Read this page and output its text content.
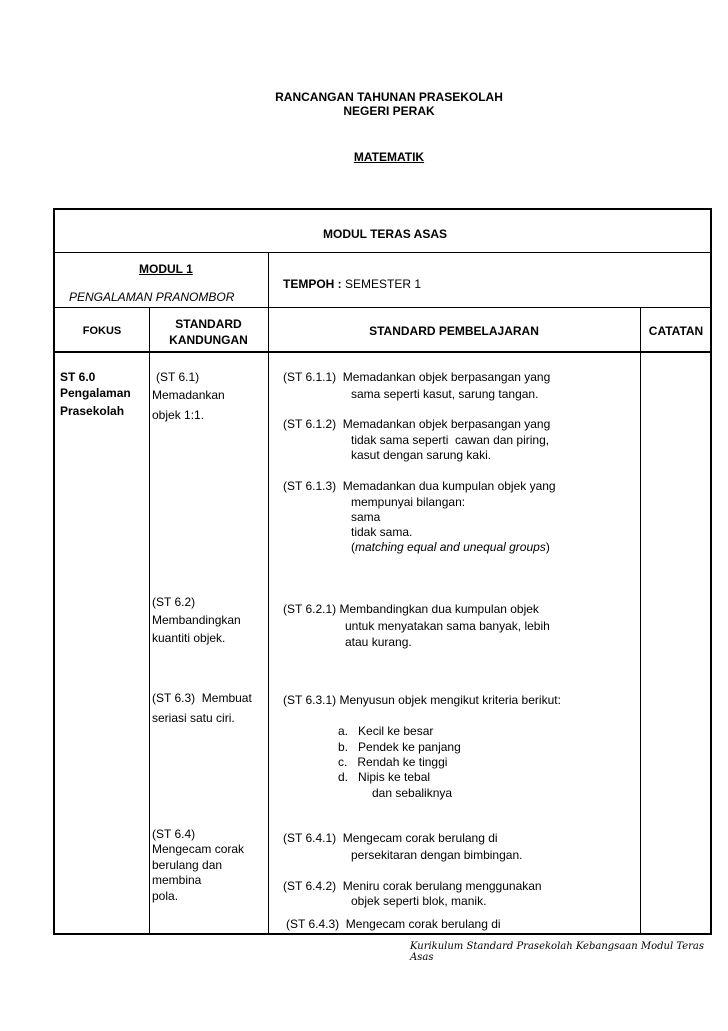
RANCANGAN TAHUNAN PRASEKOLAH
NEGERI PERAK
MATEMATIK
MODUL TERAS ASAS
MODUL 1
PENGALAMAN PRANOMBOR
TEMPOH : SEMESTER 1
FOKUS	STANDARD
KANDUNGAN
STANDARD PEMBELAJARAN	CATATAN
ST 6.0
Pengalaman
Prasekolah
(ST 6.1)
Memadankan
objek 1:1.
(ST 6.1.1)  Memadankan objek berpasangan yang
sama seperti kasut, sarung tangan.
(ST 6.1.2)  Memadankan objek berpasangan yang
tidak sama seperti  cawan dan piring,
kasut dengan sarung kaki.
(ST 6.1.3)  Memadankan dua kumpulan objek yang
mempunyai bilangan:
sama
tidak sama.
(matching equal and unequal groups)
(ST 6.2)
Membandingkan
kuantiti objek.
(ST 6.2.1) Membandingkan dua kumpulan objek
untuk menyatakan sama banyak, lebih
atau kurang.
(ST 6.3)  Membuat
seriasi satu ciri.
(ST 6.3.1) Menyusun objek mengikut kriteria berikut:
a. Kecil ke besar
b. Pendek ke panjang
c. Rendah ke tinggi
d. Nipis ke tebal
dan sebaliknya
(ST 6.4)
Mengecam corak
berulang dan
membina
pola.
(ST 6.4.1)  Mengecam corak berulang di
persekitaran dengan bimbingan.
(ST 6.4.2)  Meniru corak berulang menggunakan
objek seperti blok, manik.
(ST 6.4.3)  Mengecam corak berulang di
Kurikulum Standard Prasekolah Kebangsaan Modul Teras Asas
